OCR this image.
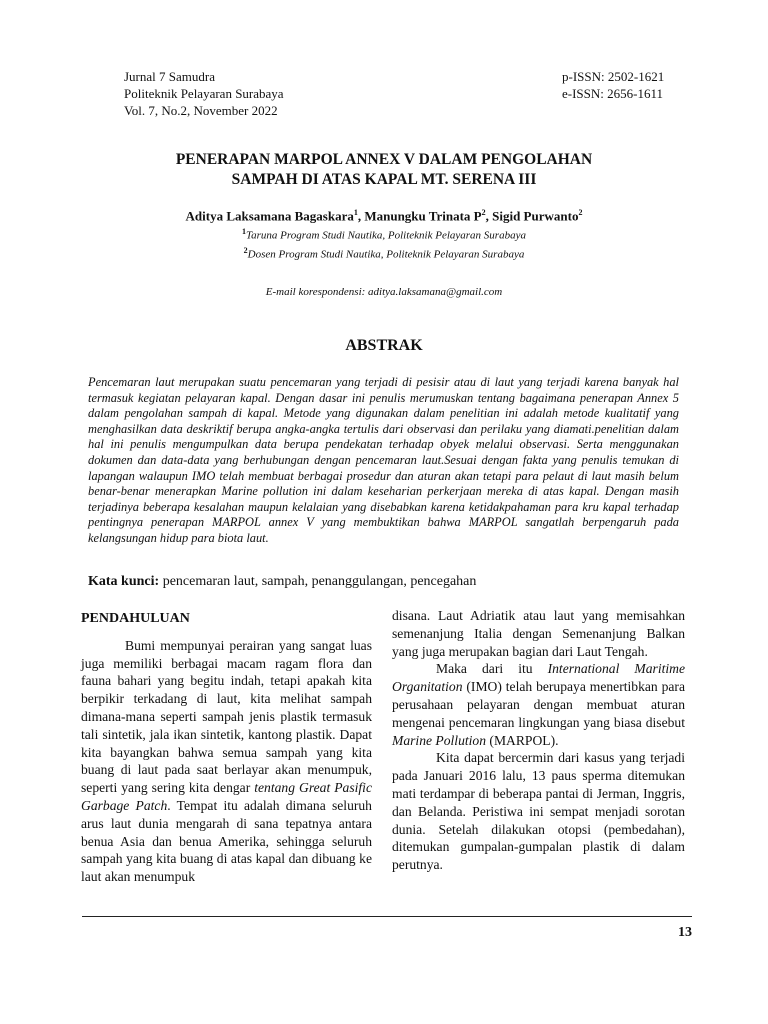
Jurnal 7 Samudra
Politeknik Pelayaran Surabaya
Vol. 7, No.2, November 2022
p-ISSN: 2502-1621
e-ISSN: 2656-1611
PENERAPAN MARPOL ANNEX V DALAM PENGOLAHAN
SAMPAH DI ATAS KAPAL MT. SERENA III
Aditya Laksamana Bagaskara$^1$, Manungku Trinata $P^2$, Sigid Purwanto$^2$
$^1$Taruna Program Studi Nautika, Politeknik Pelayaran Surabaya
$^2$Dosen Program Studi Nautika, Politeknik Pelayaran Surabaya
E-mail korespondensi: aditya.laksamana@gmail.com
ABSTRAK
Pencemaran laut merupakan suatu pencemaran yang terjadi di pesisir atau di laut yang terjadi karena banyak hal termasuk kegiatan pelayaran kapal. Dengan dasar ini penulis merumuskan tentang bagaimana penerapan Annex 5 dalam pengolahan sampah di kapal. Metode yang digunakan dalam penelitian ini adalah metode kualitatif yang menghasilkan data deskriktif berupa angka-angka tertulis dari observasi dan perilaku yang diamati.penelitian dalam hal ini penulis mengumpulkan data berupa pendekatan terhadap obyek melalui observasi. Serta menggunakan dokumen dan data-data yang berhubungan dengan pencemaran laut.Sesuai dengan fakta yang penulis temukan di lapangan walaupun IMO telah membuat berbagai prosedur dan aturan akan tetapi para pelaut di laut masih belum benar-benar menerapkan Marine pollution ini dalam keseharian perkerjaan mereka di atas kapal. Dengan masih terjadinya beberapa kesalahan maupun kelalaian yang disebabkan karena ketidakpahaman para kru kapal terhadap pentingnya penerapan MARPOL annex V yang membuktikan bahwa MARPOL sangatlah berpengaruh pada kelangsungan hidup para biota laut.
Kata kunci: pencemaran laut, sampah, penanggulangan, pencegahan

PENDAHULUAN

Bumi mempunyai perairan yang sangat luas juga memiliki berbagai macam ragam flora dan fauna bahari yang begitu indah, tetapi apakah kita berpikir terkadang di laut, kita melihat sampah dimana-mana seperti sampah jenis plastik termasuk tali sintetik, jala ikan sintetik, kantong plastik. Dapat kita bayangkan bahwa semua sampah yang kita buang di laut pada saat berlayar akan menumpuk, seperti yang sering kita dengar tentang Great Pasific Garbage Patch. Tempat itu adalah dimana seluruh arus laut dunia mengarah di sana tepatnya antara benua Asia dan benua Amerika, sehingga seluruh sampah yang kita buang di atas kapal dan dibuang ke laut akan menumpuk

disana. Laut Adriatik atau laut yang memisahkan semenanjung Italia dengan Semenanjung Balkan yang juga merupakan bagian dari Laut Tengah.

Maka dari itu International Maritime Organitation (IMO) telah berupaya menertibkan para perusahaan pelayaran dengan membuat aturan mengenai pencemaran lingkungan yang biasa disebut Marine Pollution (MARPOL).

Kita dapat bercermin dari kasus yang terjadi pada Januari 2016 lalu, 13 paus sperma ditemukan mati terdampar di beberapa pantai di Jerman, Inggris, dan Belanda. Peristiwa ini sempat menjadi sorotan dunia. Setelah dilakukan otopsi (pembedahan), ditemukan gumpalan-gumpalan plastik di dalam perutnya.

13
